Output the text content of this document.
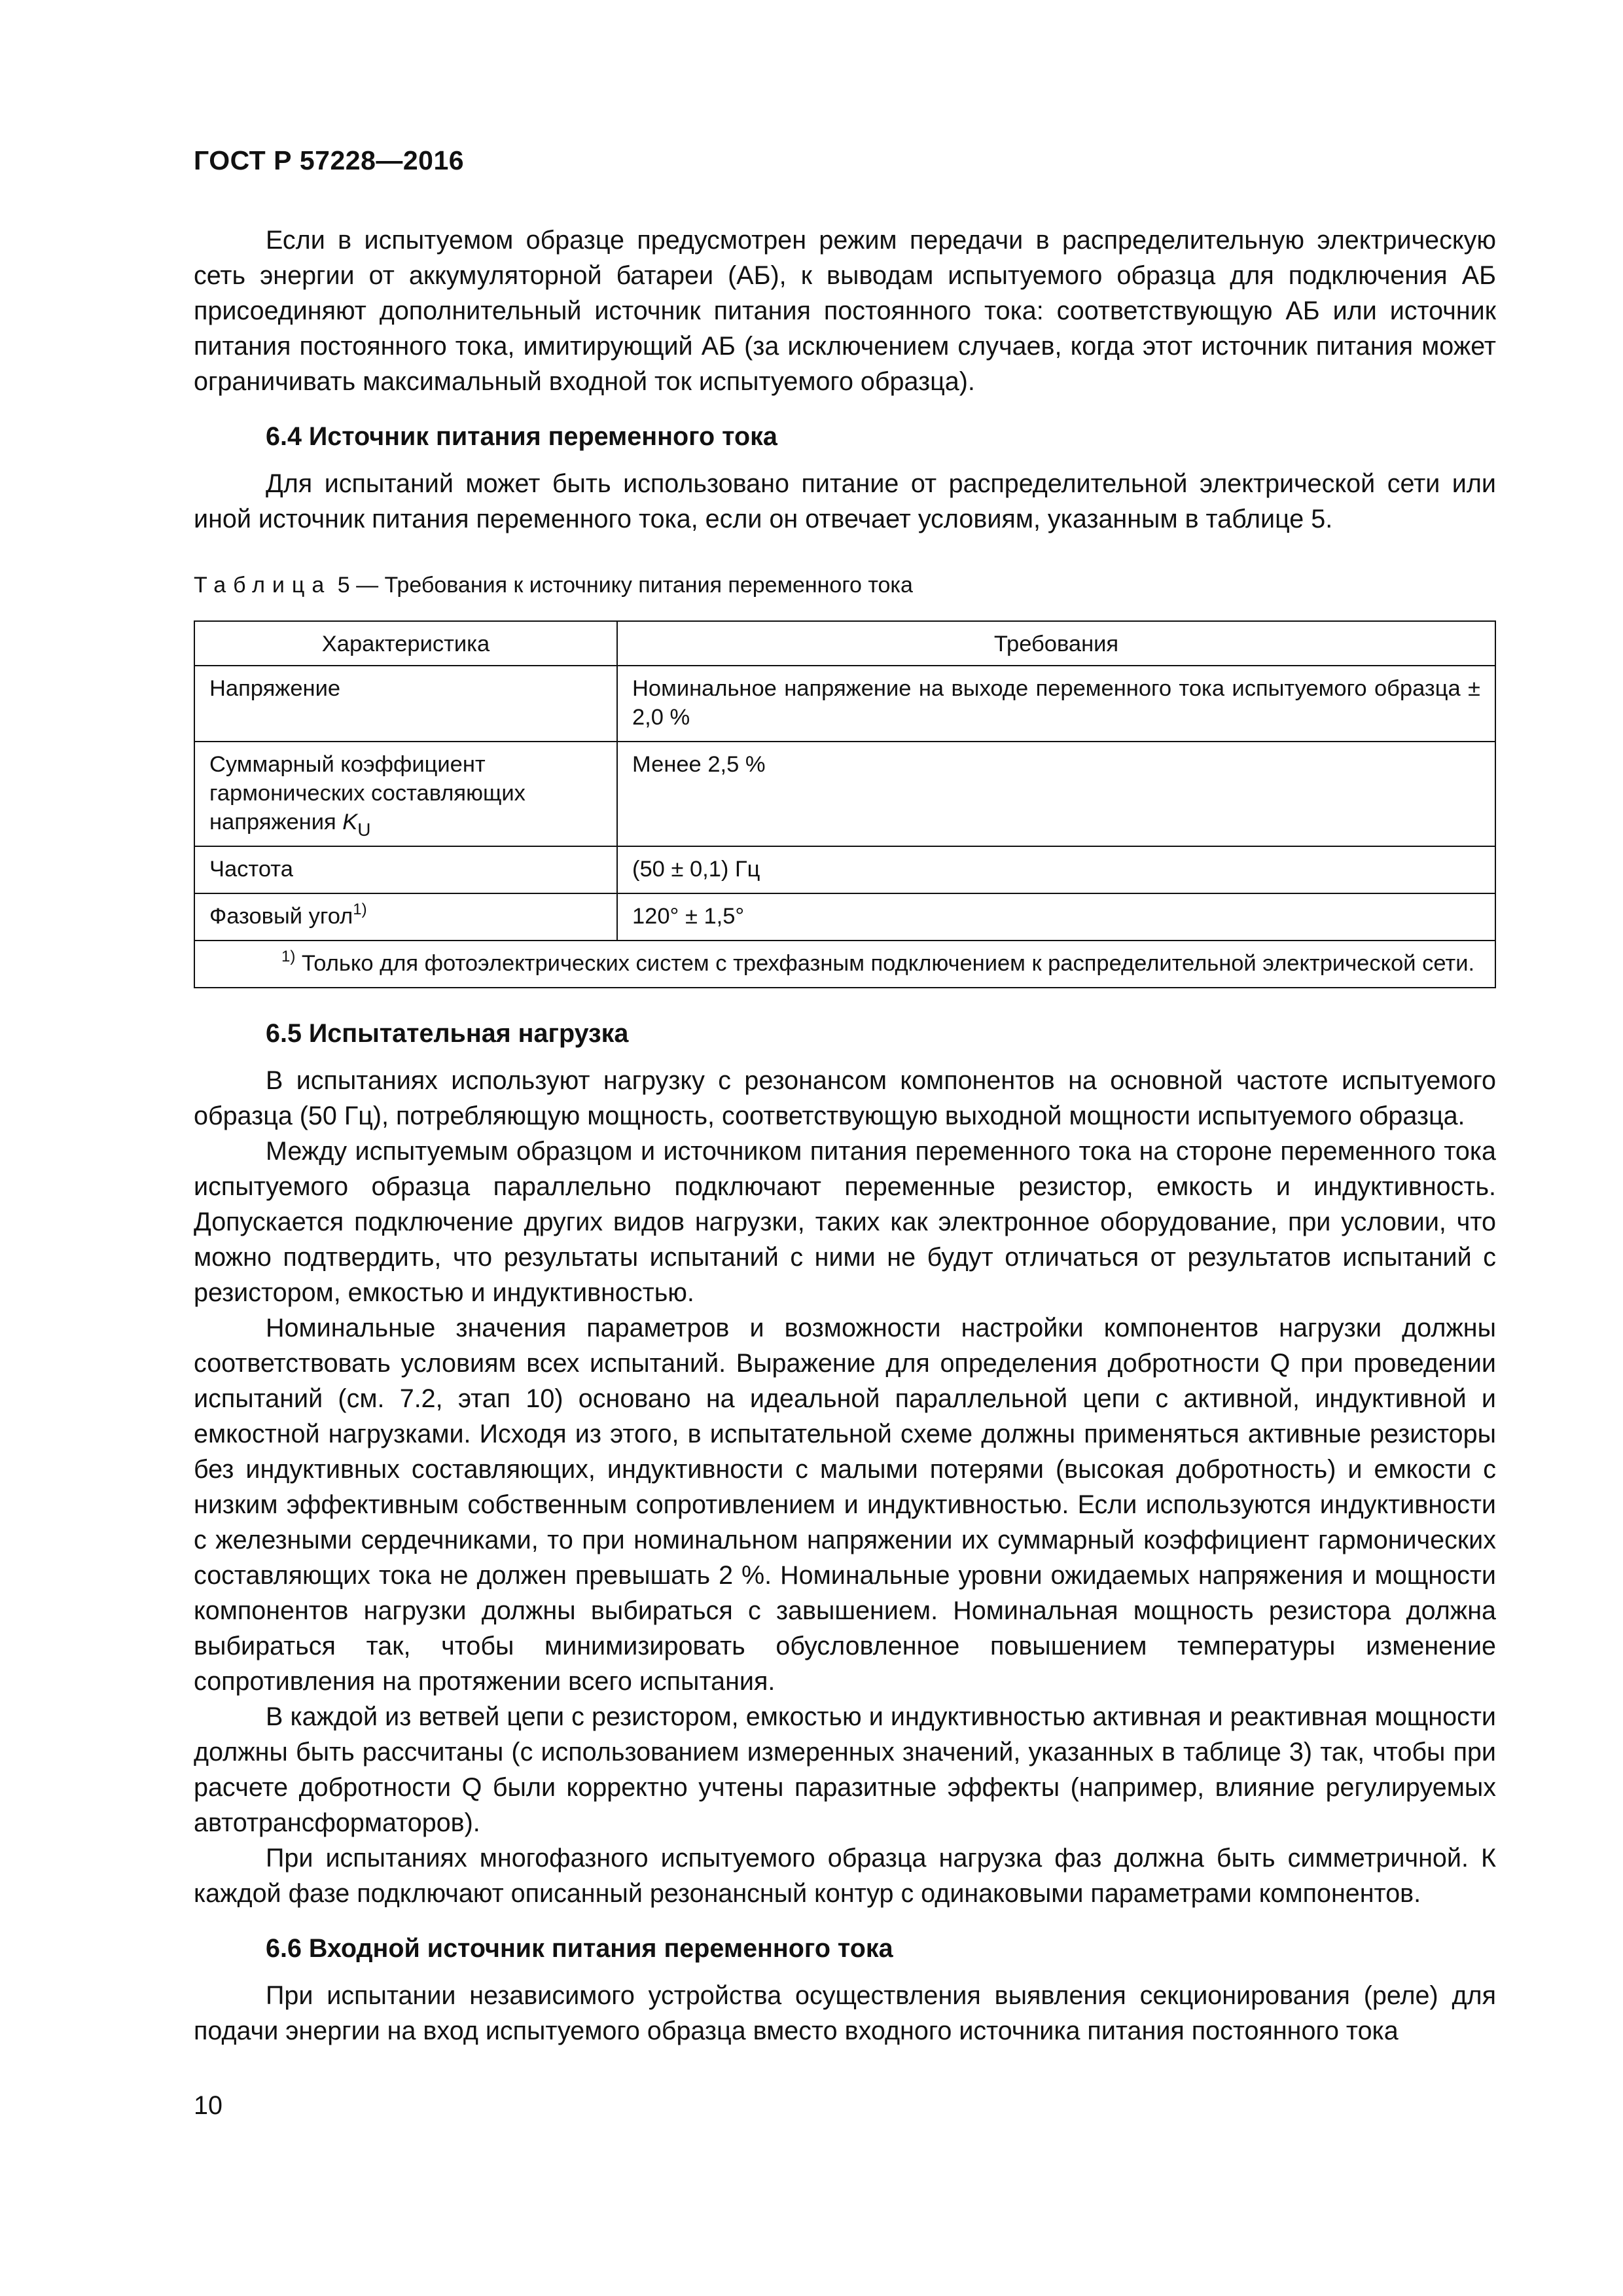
ГОСТ Р 57228—2016

Если в испытуемом образце предусмотрен режим передачи в распределительную электрическую сеть энергии от аккумуляторной батареи (АБ), к выводам испытуемого образца для подключения АБ присоединяют дополнительный источник питания постоянного тока: соответствующую АБ или источник питания постоянного тока, имитирующий АБ (за исключением случаев, когда этот источник питания может ограничивать максимальный входной ток испытуемого образца).

6.4 Источник питания переменного тока

Для испытаний может быть использовано питание от распределительной электрической сети или иной источник питания переменного тока, если он отвечает условиям, указанным в таблице 5.

Таблица 5 — Требования к источнику питания переменного тока
Характеристика	Требования
Напряжение	Номинальное напряжение на выходе переменного тока испытуемого образца ± 2,0 %
Суммарный коэффициент гармонических составляющих напряжения $K_U$	Менее 2,5 %
Частота	(50 ± 0,1) Гц
Фазовый угол$^{1)}$	120° ± 1,5°
$^{1)}$ Только для фотоэлектрических систем с трехфазным подключением к распределительной электрической сети.	
6.5 Испытательная нагрузка

В испытаниях используют нагрузку с резонансом компонентов на основной частоте испытуемого образца (50 Гц), потребляющую мощность, соответствующую выходной мощности испытуемого образца.

Между испытуемым образцом и источником питания переменного тока на стороне переменного тока испытуемого образца параллельно подключают переменные резистор, емкость и индуктивность. Допускается подключение других видов нагрузки, таких как электронное оборудование, при условии, что можно подтвердить, что результаты испытаний с ними не будут отличаться от результатов испытаний с резистором, емкостью и индуктивностью.

Номинальные значения параметров и возможности настройки компонентов нагрузки должны соответствовать условиям всех испытаний. Выражение для определения добротности Q при проведении испытаний (см. 7.2, этап 10) основано на идеальной параллельной цепи с активной, индуктивной и емкостной нагрузками. Исходя из этого, в испытательной схеме должны применяться активные резисторы без индуктивных составляющих, индуктивности с малыми потерями (высокая добротность) и емкости с низким эффективным собственным сопротивлением и индуктивностью. Если используются индуктивности с железными сердечниками, то при номинальном напряжении их суммарный коэффициент гармонических составляющих тока не должен превышать 2 %. Номинальные уровни ожидаемых напряжения и мощности компонентов нагрузки должны выбираться с завышением. Номинальная мощность резистора должна выбираться так, чтобы минимизировать обусловленное повышением температуры изменение сопротивления на протяжении всего испытания.

В каждой из ветвей цепи с резистором, емкостью и индуктивностью активная и реактивная мощности должны быть рассчитаны (с использованием измеренных значений, указанных в таблице 3) так, чтобы при расчете добротности Q были корректно учтены паразитные эффекты (например, влияние регулируемых автотрансформаторов).

При испытаниях многофазного испытуемого образца нагрузка фаз должна быть симметричной. К каждой фазе подключают описанный резонансный контур с одинаковыми параметрами компонентов.

6.6 Входной источник питания переменного тока

При испытании независимого устройства осуществления выявления секционирования (реле) для подачи энергии на вход испытуемого образца вместо входного источника питания постоянного тока

10
